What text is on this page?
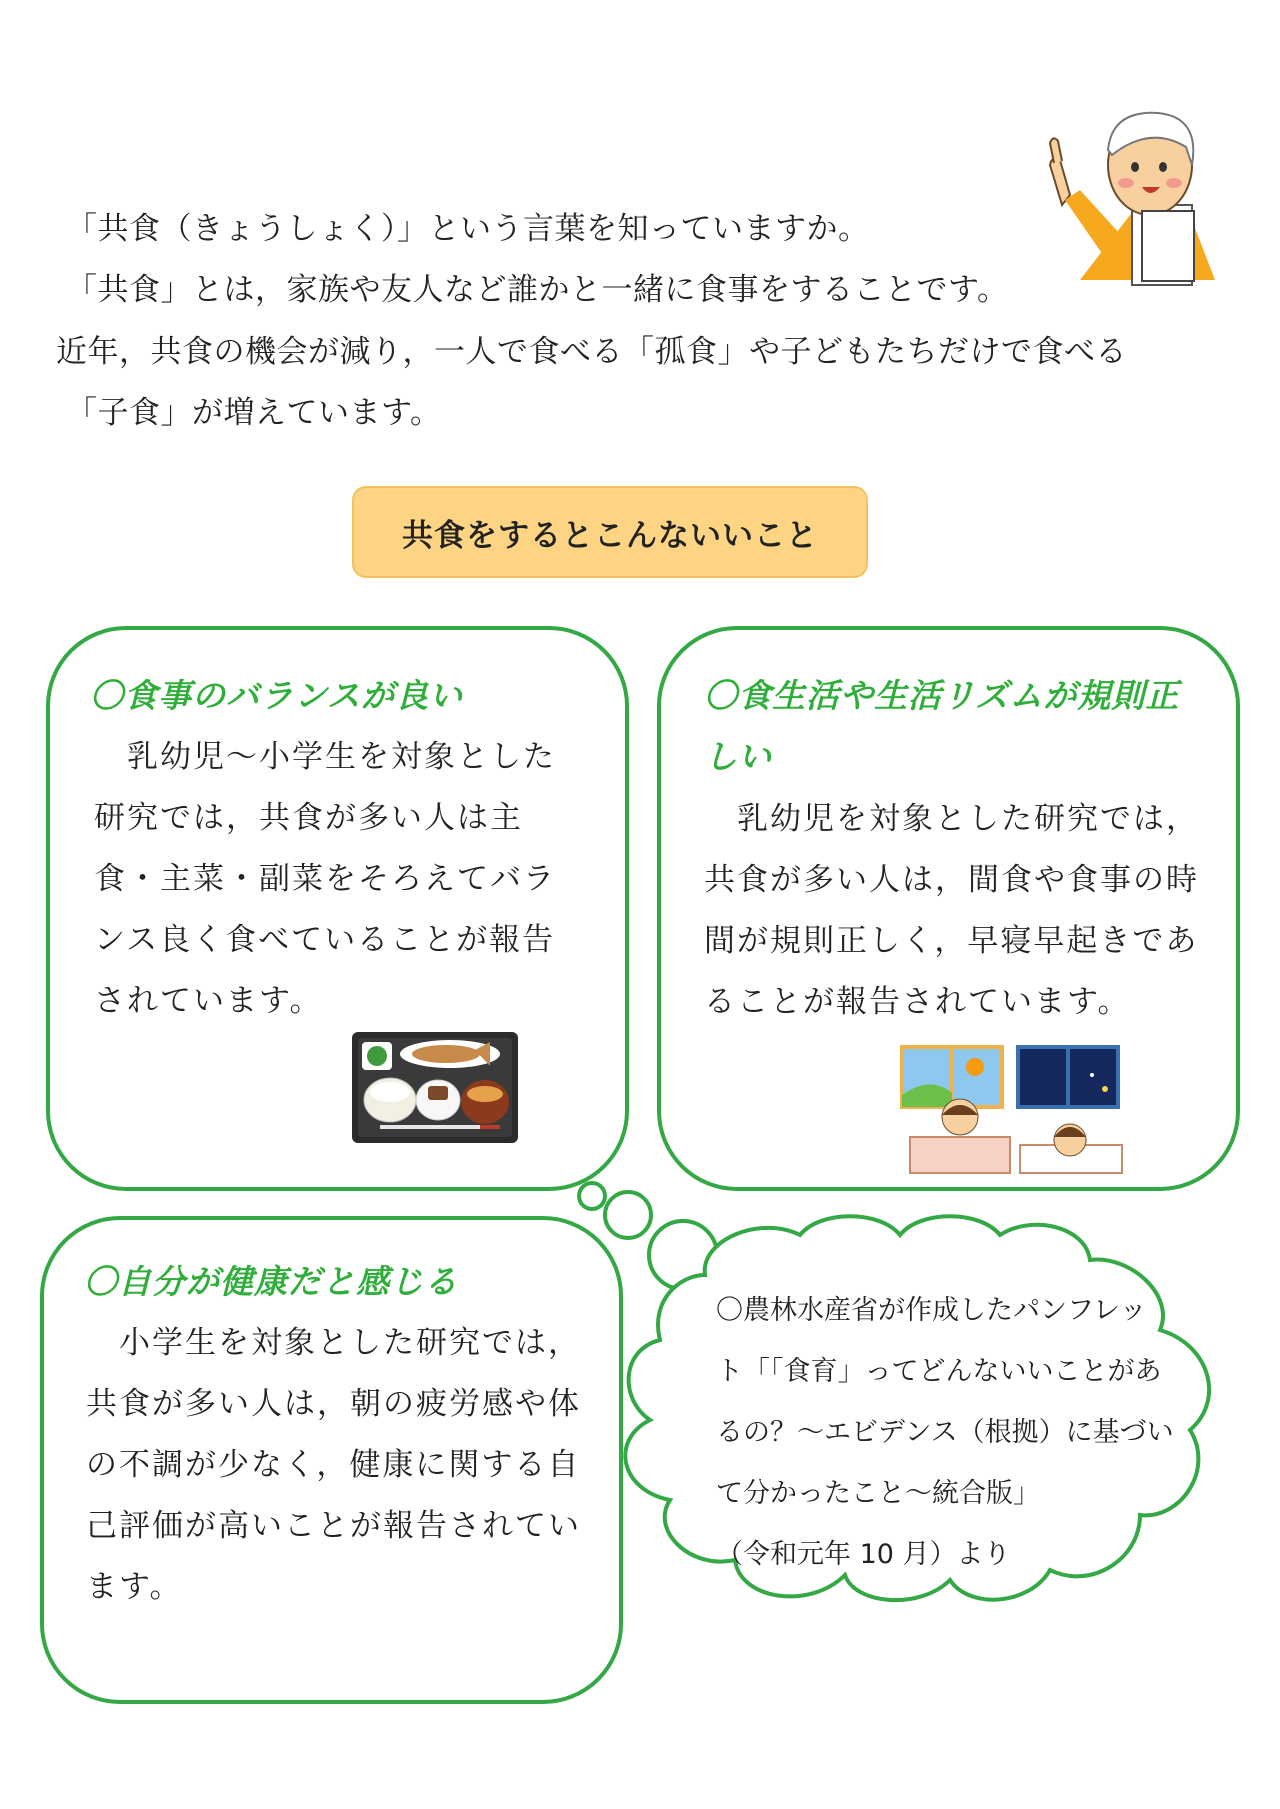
「共食（きょうしょく）」という言葉を知っていますか。
「共食」とは，家族や友人など誰かと一緒に食事をすることです。
近年，共食の機会が減り，一人で食べる「孤食」や子どもたちだけで食べる
「子食」が増えています。
共食をするとこんないいこと
〇食事のバランスが良い
　乳幼児～小学生を対象とした研究では，共食が多い人は主食・主菜・副菜をそろえてバランス良く食べていることが報告されています。
〇食生活や生活リズムが規則正
しい
　乳幼児を対象とした研究では，共食が多い人は，間食や食事の時間が規則正しく，早寝早起きであることが報告されています。
〇自分が健康だと感じる
　小学生を対象とした研究では，共食が多い人は，朝の疲労感や体の不調が少なく，健康に関する自己評価が高いことが報告されています。
〇農林水産省が作成したパンフレッ
ト「「食育」ってどんないいことがあ
るの？～エビデンス（根拠）に基づい
て分かったこと～統合版」
（令和元年 10 月）より
